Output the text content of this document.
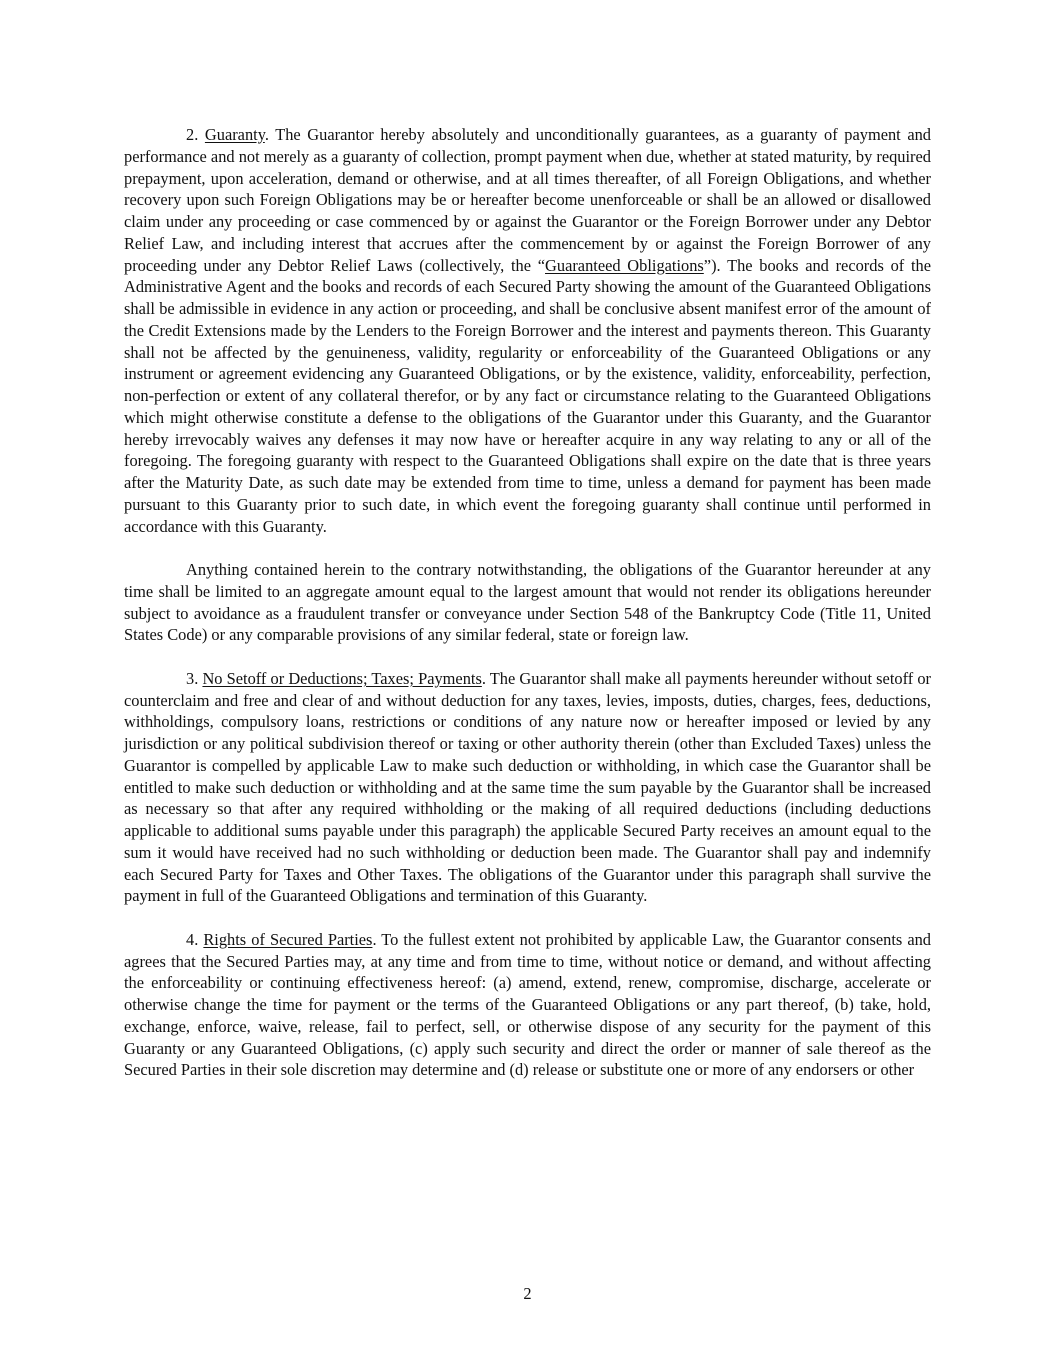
2. Guaranty. The Guarantor hereby absolutely and unconditionally guarantees, as a guaranty of payment and performance and not merely as a guaranty of collection, prompt payment when due, whether at stated maturity, by required prepayment, upon acceleration, demand or otherwise, and at all times thereafter, of all Foreign Obligations, and whether recovery upon such Foreign Obligations may be or hereafter become unenforceable or shall be an allowed or disallowed claim under any proceeding or case commenced by or against the Guarantor or the Foreign Borrower under any Debtor Relief Law, and including interest that accrues after the commencement by or against the Foreign Borrower of any proceeding under any Debtor Relief Laws (collectively, the “Guaranteed Obligations”). The books and records of the Administrative Agent and the books and records of each Secured Party showing the amount of the Guaranteed Obligations shall be admissible in evidence in any action or proceeding, and shall be conclusive absent manifest error of the amount of the Credit Extensions made by the Lenders to the Foreign Borrower and the interest and payments thereon. This Guaranty shall not be affected by the genuineness, validity, regularity or enforceability of the Guaranteed Obligations or any instrument or agreement evidencing any Guaranteed Obligations, or by the existence, validity, enforceability, perfection, non-perfection or extent of any collateral therefor, or by any fact or circumstance relating to the Guaranteed Obligations which might otherwise constitute a defense to the obligations of the Guarantor under this Guaranty, and the Guarantor hereby irrevocably waives any defenses it may now have or hereafter acquire in any way relating to any or all of the foregoing. The foregoing guaranty with respect to the Guaranteed Obligations shall expire on the date that is three years after the Maturity Date, as such date may be extended from time to time, unless a demand for payment has been made pursuant to this Guaranty prior to such date, in which event the foregoing guaranty shall continue until performed in accordance with this Guaranty.

Anything contained herein to the contrary notwithstanding, the obligations of the Guarantor hereunder at any time shall be limited to an aggregate amount equal to the largest amount that would not render its obligations hereunder subject to avoidance as a fraudulent transfer or conveyance under Section 548 of the Bankruptcy Code (Title 11, United States Code) or any comparable provisions of any similar federal, state or foreign law.

3. No Setoff or Deductions; Taxes; Payments. The Guarantor shall make all payments hereunder without setoff or counterclaim and free and clear of and without deduction for any taxes, levies, imposts, duties, charges, fees, deductions, withholdings, compulsory loans, restrictions or conditions of any nature now or hereafter imposed or levied by any jurisdiction or any political subdivision thereof or taxing or other authority therein (other than Excluded Taxes) unless the Guarantor is compelled by applicable Law to make such deduction or withholding, in which case the Guarantor shall be entitled to make such deduction or withholding and at the same time the sum payable by the Guarantor shall be increased as necessary so that after any required withholding or the making of all required deductions (including deductions applicable to additional sums payable under this paragraph) the applicable Secured Party receives an amount equal to the sum it would have received had no such withholding or deduction been made. The Guarantor shall pay and indemnify each Secured Party for Taxes and Other Taxes. The obligations of the Guarantor under this paragraph shall survive the payment in full of the Guaranteed Obligations and termination of this Guaranty.

4. Rights of Secured Parties. To the fullest extent not prohibited by applicable Law, the Guarantor consents and agrees that the Secured Parties may, at any time and from time to time, without notice or demand, and without affecting the enforceability or continuing effectiveness hereof: (a) amend, extend, renew, compromise, discharge, accelerate or otherwise change the time for payment or the terms of the Guaranteed Obligations or any part thereof, (b) take, hold, exchange, enforce, waive, release, fail to perfect, sell, or otherwise dispose of any security for the payment of this Guaranty or any Guaranteed Obligations, (c) apply such security and direct the order or manner of sale thereof as the Secured Parties in their sole discretion may determine and (d) release or substitute one or more of any endorsers or other

2
